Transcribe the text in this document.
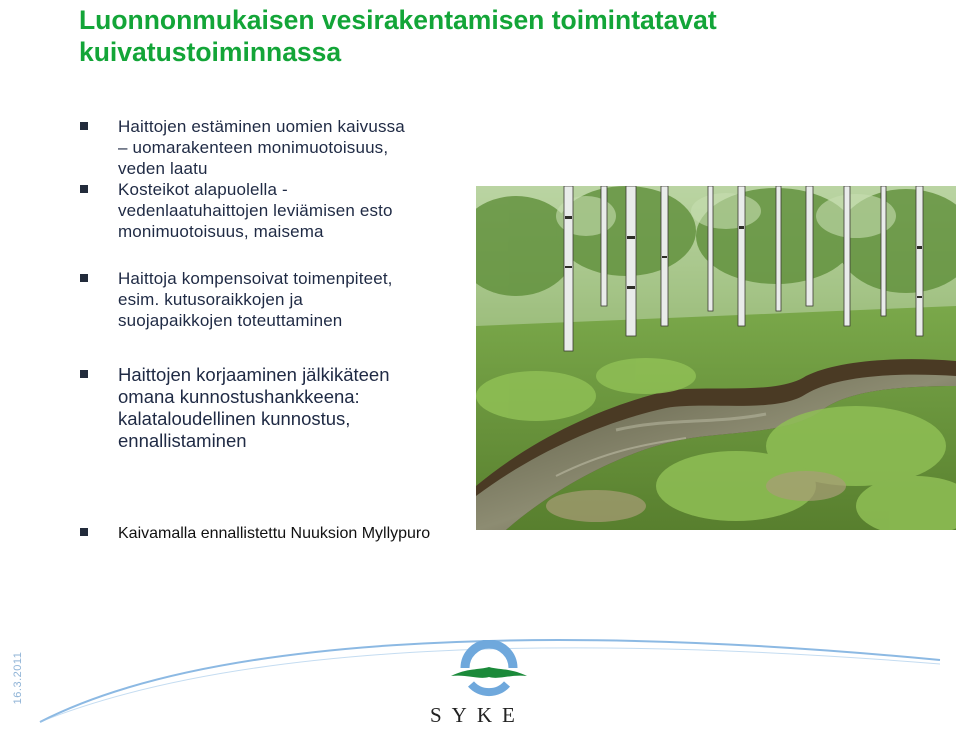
Luonnonmukaisen vesirakentamisen toimintatavat kuivatustoiminnassa
Haittojen estäminen uomien kaivussa
– uomarakenteen monimuotoisuus,
veden laatu
Kosteikot alapuolella -
vedenlaatuhaittojen leviämisen esto
monimuotoisuus, maisema
Haittoja kompensoivat toimenpiteet,
esim. kutusoraikkojen ja
suojapaikkojen toteuttaminen
Haittojen korjaaminen jälkikäteen
omana kunnostushankkeena:
kalataloudellinen kunnostus,
ennallistaminen
Kaivamalla ennallistettu Nuuksion Myllypuro
16.3.2011
SYKE
